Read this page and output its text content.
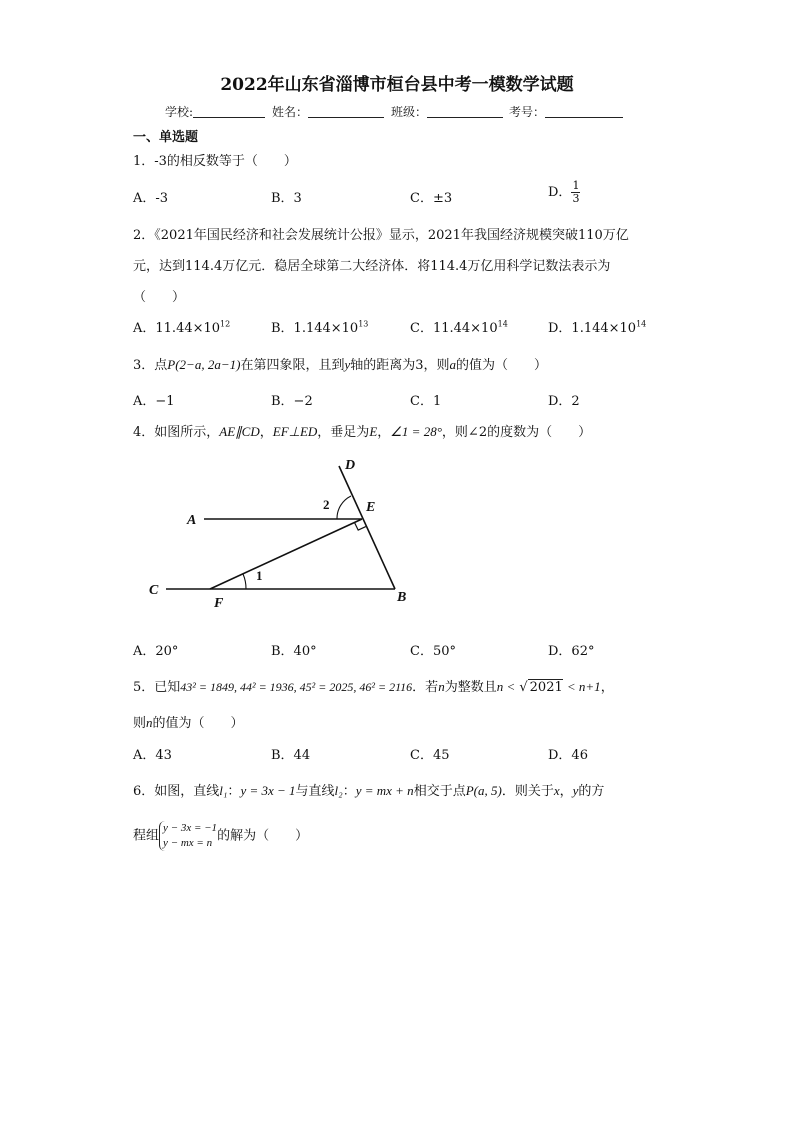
2022年山东省淄博市桓台县中考一模数学试题
学校:	姓名：	班级：	考号：
一、单选题
1．-3的相反数等于（　　）
A．-3	B．3	C．±3	D． $\frac{1}{3}$
2．《2021年国民经济和社会发展统计公报》显示，2021年我国经济规模突破110万亿
元，达到114.4万亿元．稳居全球第二大经济体．将114.4万亿用科学记数法表示为
（　　）
A．$11.44\times 10^{12}$	B．$1.144\times 10^{13}$	C．$11.44\times 10^{14}$	D．$1.144\times 10^{14}$
3．点P(2−a, 2a−1)在第四象限，且到y轴的距离为3，则a的值为（　　）
A．−1	B．−2	C．1	D．2
4．如图所示，AE∥CD，EF⊥ED，垂足为E，∠1 = 28°，则∠2的度数为（　　）
D
E
A
C
F	B
1
2
A．20°	B．40°	C．50°	D．62°
5．已知43² = 1849, 44² = 1936, 45² = 2025, 46² = 2116．若n为整数且n < √ 2021 < n+1，
则n的值为（　　）
A．43	B．44	C．45	D．46
6．如图，直线l₁：y = 3x − 1与直线l₂：y = mx + n相交于点P(a, 5)．则关于x，y的方
程组
y − 3x = −1
y − mx = n 的解为（　　）
